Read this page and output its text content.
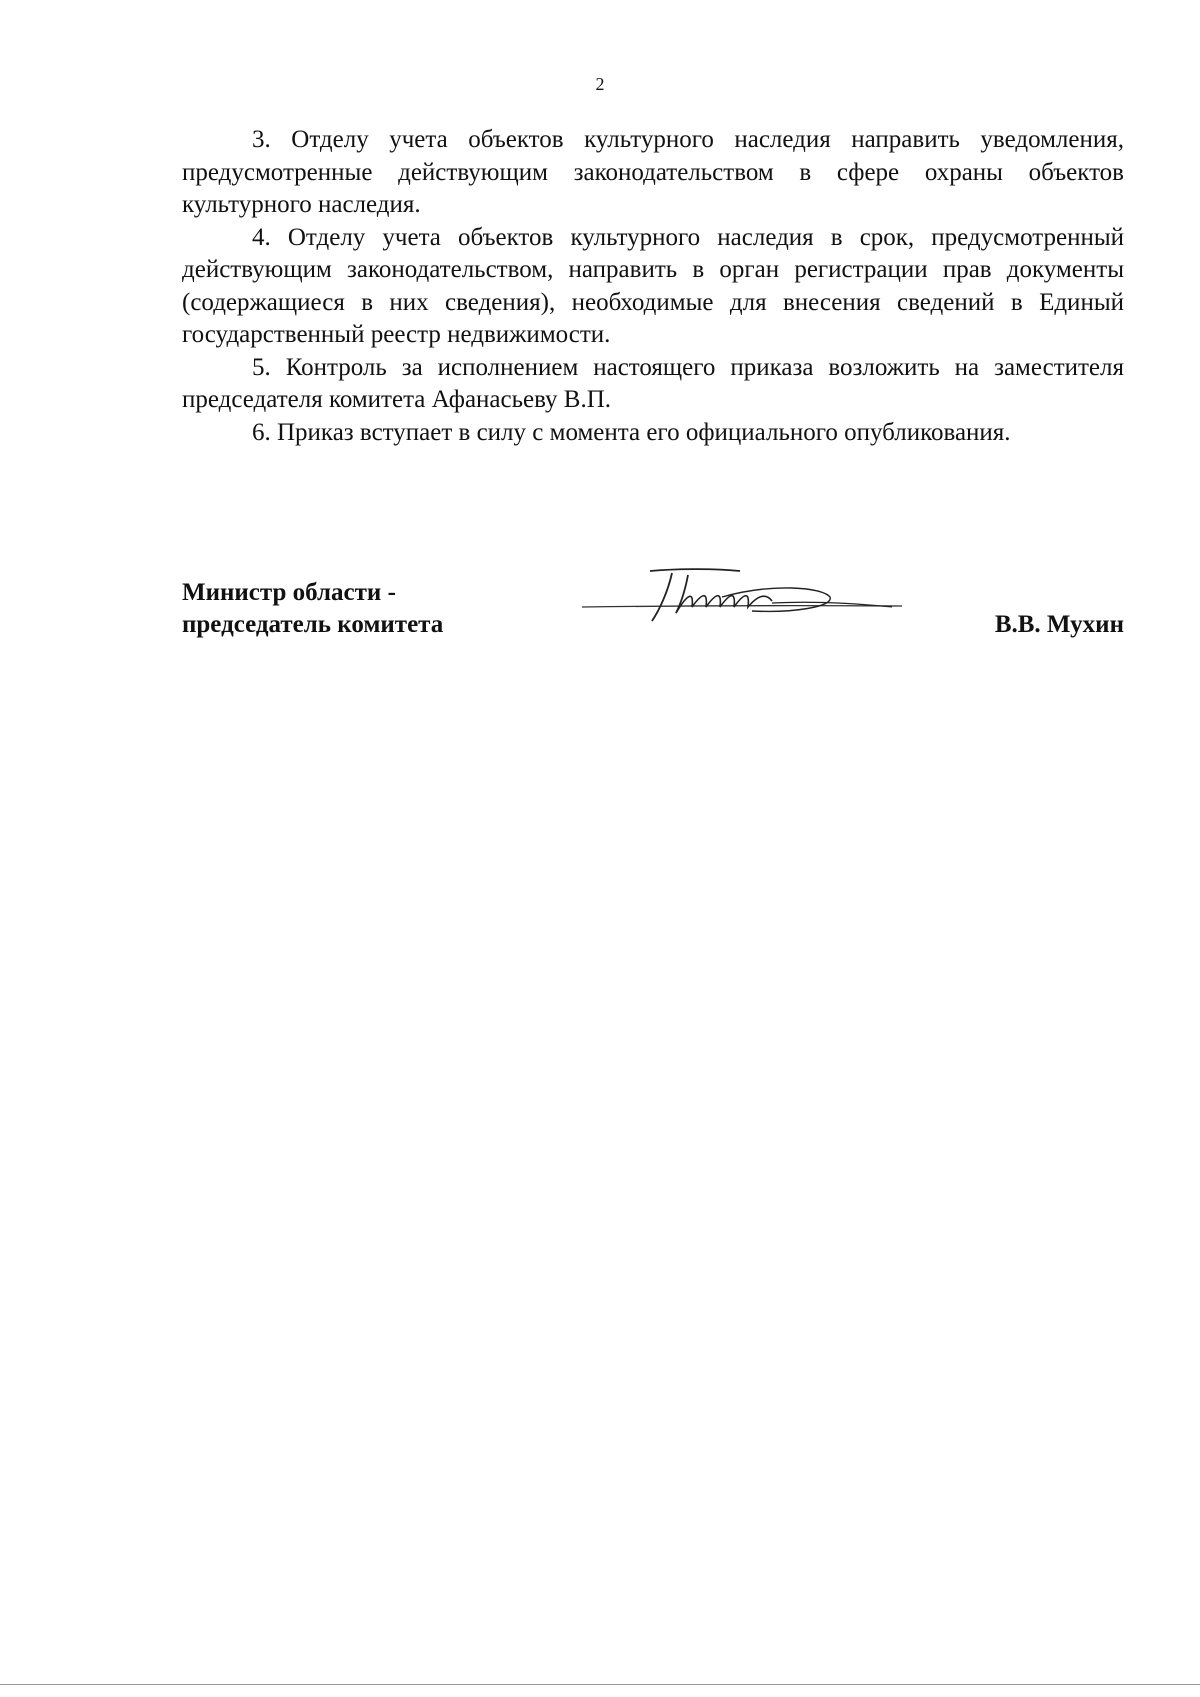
2

3. Отделу учета объектов культурного наследия направить уведомления, предусмотренные действующим законодательством в сфере охраны объектов культурного наследия.

4. Отделу учета объектов культурного наследия в срок, предусмотренный действующим законодательством, направить в орган регистрации прав документы (содержащиеся в них сведения), необходимые для внесения сведений в Единый государственный реестр недвижимости.

5. Контроль за исполнением настоящего приказа возложить на заместителя председателя комитета Афанасьеву В.П.

6. Приказ вступает в силу с момента его официального опубликования.

Министр области -
председатель комитета	В.В. Мухин
